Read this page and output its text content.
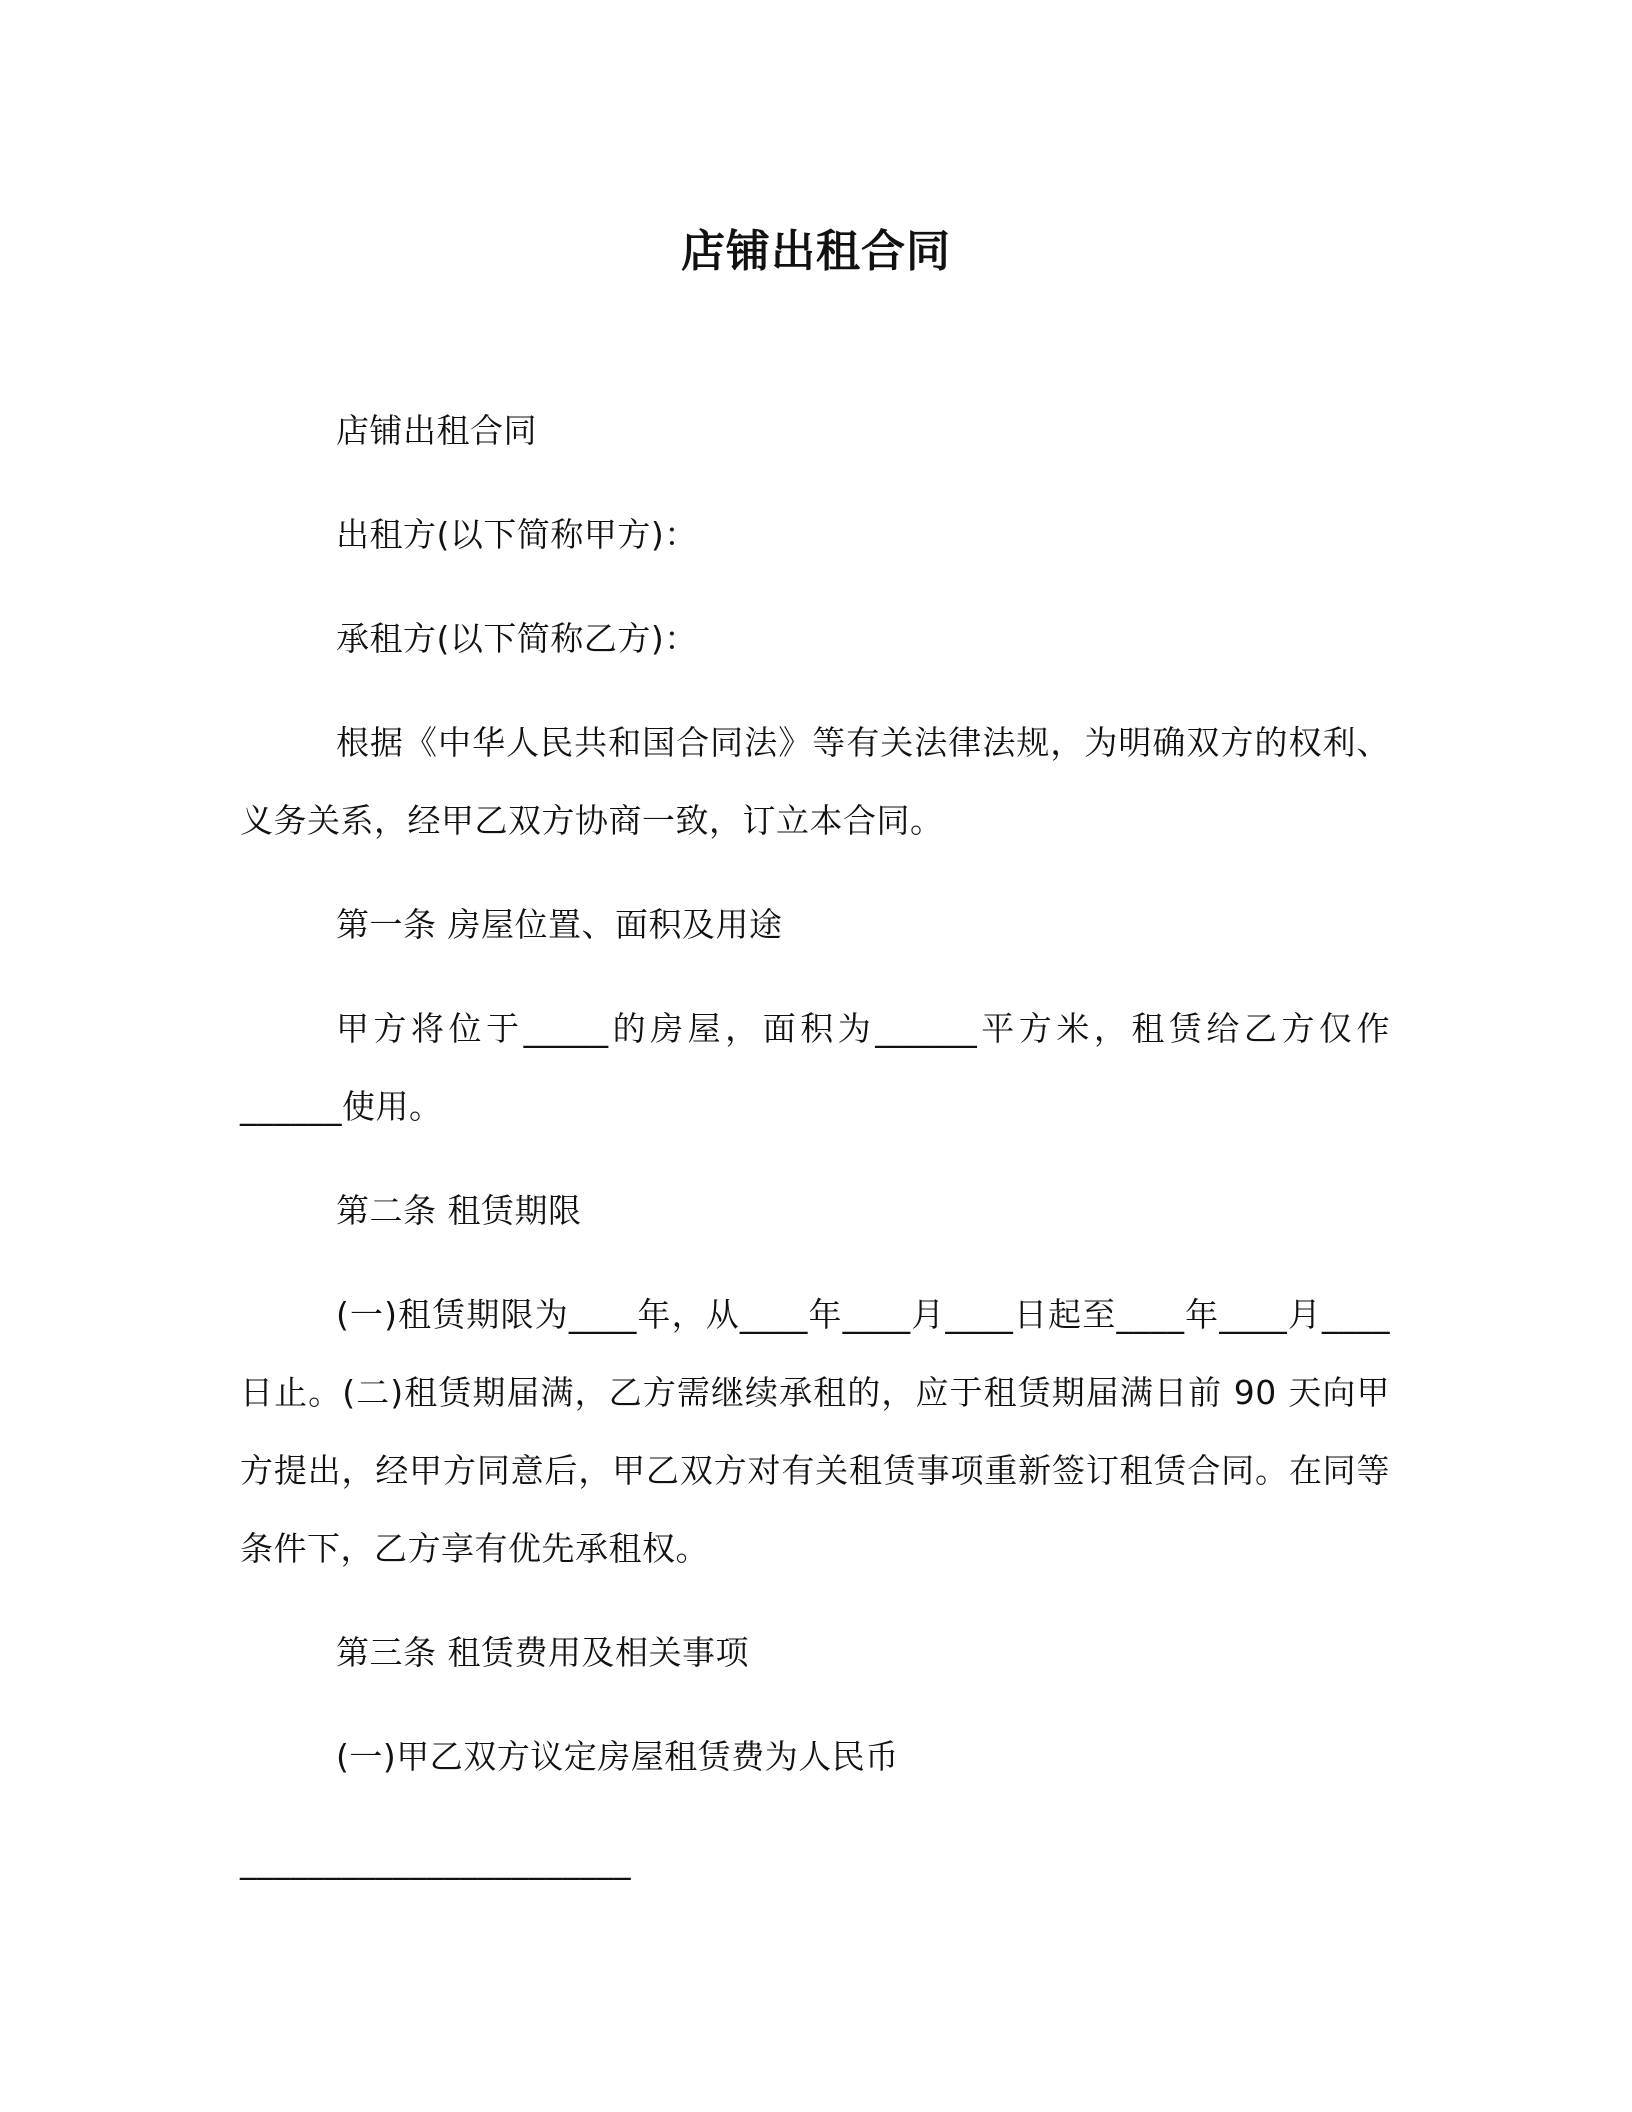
店铺出租合同

店铺出租合同

出租方(以下简称甲方)：

承租方(以下简称乙方)：

根据《中华人民共和国合同法》等有关法律法规，为明确双方的权利、义务关系，经甲乙双方协商一致，订立本合同。

第一条 房屋位置、面积及用途

甲方将位于_____的房屋，面积为______平方米，租赁给乙方仅作______使用。

第二条 租赁期限

(一)租赁期限为____年，从____年____月____日起至____年____月____日止。(二)租赁期届满，乙方需继续承租的，应于租赁期届满日前 90 天向甲方提出，经甲方同意后，甲乙双方对有关租赁事项重新签订租赁合同。在同等条件下，乙方享有优先承租权。

第三条 租赁费用及相关事项

(一)甲乙双方议定房屋租赁费为人民币

_______________________
